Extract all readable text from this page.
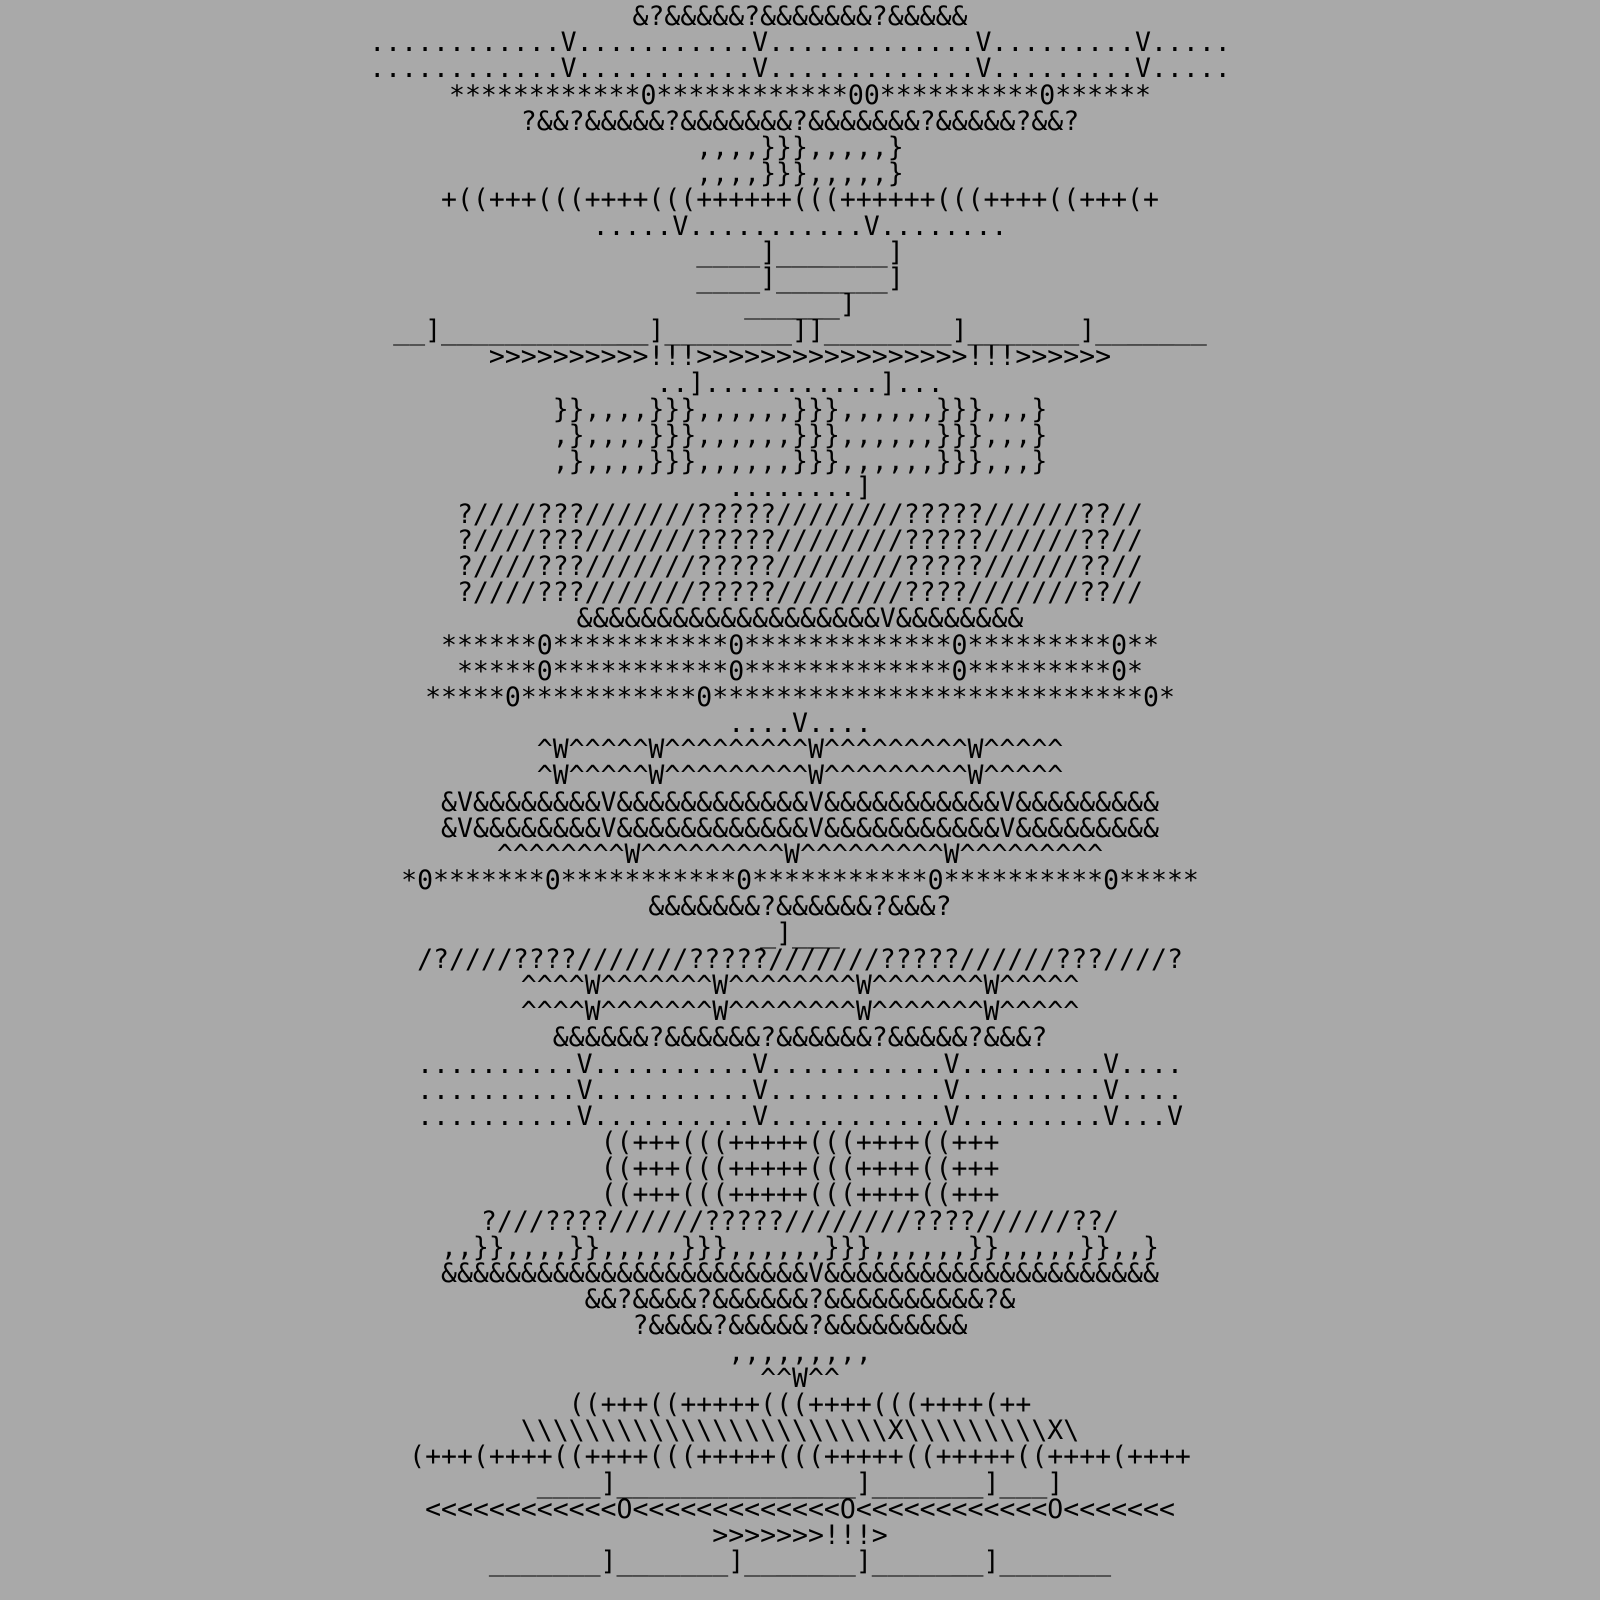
&?&&&&&?&&&&&&&?&&&&&
............V...........V.............V.........V.....
............V...........V.............V.........V.....
************0************00**********0******
?&&?&&&&&?&&&&&&&?&&&&&&&?&&&&&?&&?
,,,,}}},,,,,}
,,,,}}},,,,,}
+((+++(((++++(((++++++(((++++++(((++++((+++(+
.....V...........V........
____]_______]
____]_______]
______]
__]_____________]________]]________]_______]_______
>>>>>>>>>>!!!>>>>>>>>>>>>>>>>>!!!>>>>>>
..]...........]...
}},,,,}}},,,,,,}}},,,,,,}}},,,}
,},,,,}}},,,,,,}}},,,,,,}}},,,}
,},,,,}}},,,,,,}}},,,,,,}}},,,}
........]
?////???///////?????////////?????//////??//
?////???///////?????////////?????//////??//
?////???///////?????////////?????//////??//
?////???///////?????////////????///////??//
&&&&&&&&&&&&&&&&&&&V&&&&&&&&
******0***********0*************0*********0**
*****0***********0*************0*********0*
*****0***********0***************************0*
....V....
^W^^^^^W^^^^^^^^^W^^^^^^^^^W^^^^^
^W^^^^^W^^^^^^^^^W^^^^^^^^^W^^^^^
&V&&&&&&&&V&&&&&&&&&&&&V&&&&&&&&&&&V&&&&&&&&&
&V&&&&&&&&V&&&&&&&&&&&&V&&&&&&&&&&&V&&&&&&&&&
^^^^^^^^W^^^^^^^^^W^^^^^^^^^W^^^^^^^^^
*0*******0***********0***********0**********0*****
&&&&&&&?&&&&&&?&&&?
_]___
/?////????///////?????///////?????//////???////?
^^^^W^^^^^^^W^^^^^^^^W^^^^^^^W^^^^^
^^^^W^^^^^^^W^^^^^^^^W^^^^^^^W^^^^^
&&&&&&?&&&&&&?&&&&&&?&&&&&?&&&?
..........V..........V...........V.........V....
..........V..........V...........V.........V....
..........V..........V...........V.........V...V
((+++(((+++++(((++++((+++
((+++(((+++++(((++++((+++
((+++(((+++++(((++++((+++
?///????//////?????////////????//////??/
,,}},,,,}},,,,,}}},,,,,,}}},,,,,,}},,,,,}},,}
&&&&&&&&&&&&&&&&&&&&&&&V&&&&&&&&&&&&&&&&&&&&&
&&?&&&&?&&&&&&?&&&&&&&&&&?&
?&&&&?&&&&&?&&&&&&&&&
,,,,,,,,,
^^W^^
((+++((+++++(((++++(((++++(++
\\\\\\\\\\\\\\\\\\\\\\\X\\\\\\\\\X\
(+++(++++((++++(((+++++(((+++++((+++++((++++(++++
____]_______________]_______]___]
<<<<<<<<<<<<O<<<<<<<<<<<<<O<<<<<<<<<<<<O<<<<<<<
>>>>>>>!!!>
_______]_______]_______]_______]_______
